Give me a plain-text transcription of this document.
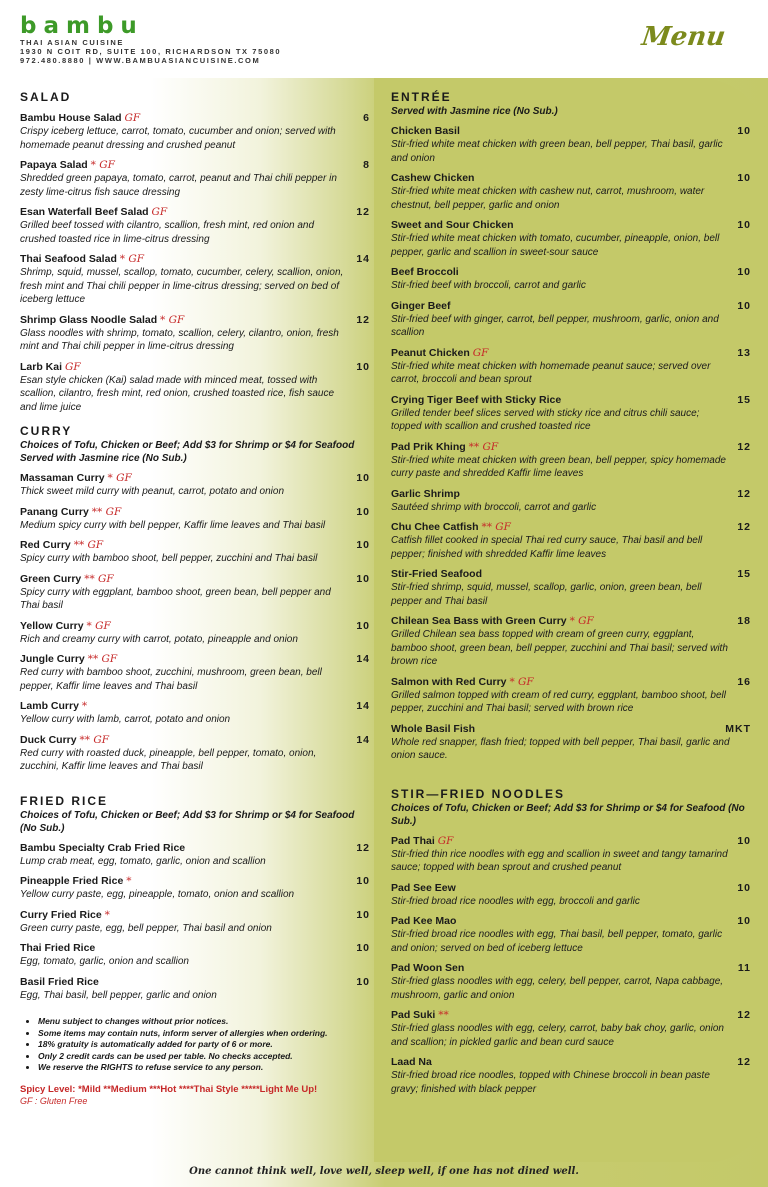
bambu
THAI ASIAN CUISINE
1930 N COIT RD, SUITE 100, RICHARDSON TX 75080
972.480.8880 | WWW.BAMBUASIANCUISINE.COM
Menu
SALAD
Bambu House Salad GF	6
Crispy iceberg lettuce, carrot, tomato, cucumber and onion; served with homemade peanut dressing and crushed peanut
Papaya Salad * GF	8
Shredded green papaya, tomato, carrot, peanut and Thai chili pepper in zesty lime-citrus fish sauce dressing
Esan Waterfall Beef Salad GF	12
Grilled beef tossed with cilantro, scallion, fresh mint, red onion and crushed toasted rice in lime-citrus dressing
Thai Seafood Salad * GF	14
Shrimp, squid, mussel, scallop, tomato, cucumber, celery, scallion, onion, fresh mint and Thai chili pepper in lime-citrus dressing; served on bed of iceberg lettuce
Shrimp Glass Noodle Salad * GF	12
Glass noodles with shrimp, tomato, scallion, celery, cilantro, onion, fresh mint and Thai chili pepper in lime-citrus dressing
Larb Kai GF	10
Esan style chicken (Kai) salad made with minced meat, tossed with scallion, cilantro, fresh mint, red onion, crushed toasted rice, fish sauce and lime juice
CURRY
Choices of Tofu, Chicken or Beef; Add $3 for Shrimp or $4 for Seafood Served with Jasmine rice (No Sub.)
Massaman Curry * GF	10
Thick sweet mild curry with peanut, carrot, potato and onion
Panang Curry ** GF	10
Medium spicy curry with bell pepper, Kaffir lime leaves and Thai basil
Red Curry ** GF	10
Spicy curry with bamboo shoot, bell pepper, zucchini and Thai basil
Green Curry ** GF	10
Spicy curry with eggplant, bamboo shoot, green bean, bell pepper and Thai basil
Yellow Curry * GF	10
Rich and creamy curry with carrot, potato, pineapple and onion
Jungle Curry ** GF	14
Red curry with bamboo shoot, zucchini, mushroom, green bean, bell pepper, Kaffir lime leaves and Thai basil
Lamb Curry *	14
Yellow curry with lamb, carrot, potato and onion
Duck Curry ** GF	14
Red curry with roasted duck, pineapple, bell pepper, tomato, onion, zucchini, Kaffir lime leaves and Thai basil
FRIED RICE
Choices of Tofu, Chicken or Beef; Add $3 for Shrimp or $4 for Seafood (No Sub.)
Bambu Specialty Crab Fried Rice	12
Lump crab meat, egg, tomato, garlic, onion and scallion
Pineapple Fried Rice *	10
Yellow curry paste, egg, pineapple, tomato, onion and scallion
Curry Fried Rice *	10
Green curry paste, egg, bell pepper, Thai basil and onion
Thai Fried Rice	10
Egg, tomato, garlic, onion and scallion
Basil Fried Rice	10
Egg, Thai basil, bell pepper, garlic and onion
• Menu subject to changes without prior notices.
• Some items may contain nuts, inform server of allergies when ordering.
• 18% gratuity is automatically added for party of 6 or more.
• Only 2 credit cards can be used per table. No checks accepted.
• We reserve the RIGHTS to refuse service to any person.
Spicy Level: *Mild **Medium ***Hot ****Thai Style *****Light Me Up!
GF : Gluten Free
ENTRÉE
Served with Jasmine rice (No Sub.)
Chicken Basil	10
Stir-fried white meat chicken with green bean, bell pepper, Thai basil, garlic and onion
Cashew Chicken	10
Stir-fried white meat chicken with cashew nut, carrot, mushroom, water chestnut, bell pepper, garlic and onion
Sweet and Sour Chicken	10
Stir-fried white meat chicken with tomato, cucumber, pineapple, onion, bell pepper, garlic and scallion in sweet-sour sauce
Beef Broccoli	10
Stir-fried beef with broccoli, carrot and garlic
Ginger Beef	10
Stir-fried beef with ginger, carrot, bell pepper, mushroom, garlic, onion and scallion
Peanut Chicken GF	13
Stir-fried white meat chicken with homemade peanut sauce; served over carrot, broccoli and bean sprout
Crying Tiger Beef with Sticky Rice	15
Grilled tender beef slices served with sticky rice and citrus chili sauce; topped with scallion and crushed toasted rice
Pad Prik Khing ** GF	12
Stir-fried white meat chicken with green bean, bell pepper, spicy homemade curry paste and shredded Kaffir lime leaves
Garlic Shrimp	12
Sautéed shrimp with broccoli, carrot and garlic
Chu Chee Catfish ** GF	12
Catfish fillet cooked in special Thai red curry sauce, Thai basil and bell pepper; finished with shredded Kaffir lime leaves
Stir-Fried Seafood	15
Stir-fried shrimp, squid, mussel, scallop, garlic, onion, green bean, bell pepper and Thai basil
Chilean Sea Bass with Green Curry * GF	18
Grilled Chilean sea bass topped with cream of green curry, eggplant, bamboo shoot, green bean, bell pepper, zucchini and Thai basil; served with brown rice
Salmon with Red Curry * GF	16
Grilled salmon topped with cream of red curry, eggplant, bamboo shoot, bell pepper, zucchini and Thai basil; served with brown rice
Whole Basil Fish	MKT
Whole red snapper, flash fried; topped with bell pepper, Thai basil, garlic and onion sauce.
STIR—FRIED NOODLES
Choices of Tofu, Chicken or Beef; Add $3 for Shrimp or $4 for Seafood (No Sub.)
Pad Thai GF	10
Stir-fried thin rice noodles with egg and scallion in sweet and tangy tamarind sauce; topped with bean sprout and crushed peanut
Pad See Eew	10
Stir-fried broad rice noodles with egg, broccoli and garlic
Pad Kee Mao	10
Stir-fried broad rice noodles with egg, Thai basil, bell pepper, tomato, garlic and onion; served on bed of iceberg lettuce
Pad Woon Sen	11
Stir-fried glass noodles with egg, celery, bell pepper, carrot, Napa cabbage, mushroom, garlic and onion
Pad Suki **	12
Stir-fried glass noodles with egg, celery, carrot, baby bak choy, garlic, onion and scallion; in pickled garlic and bean curd sauce
Laad Na	12
Stir-fried broad rice noodles, topped with Chinese broccoli in bean paste gravy; finished with black pepper
One cannot think well, love well, sleep well, if one has not dined well.
